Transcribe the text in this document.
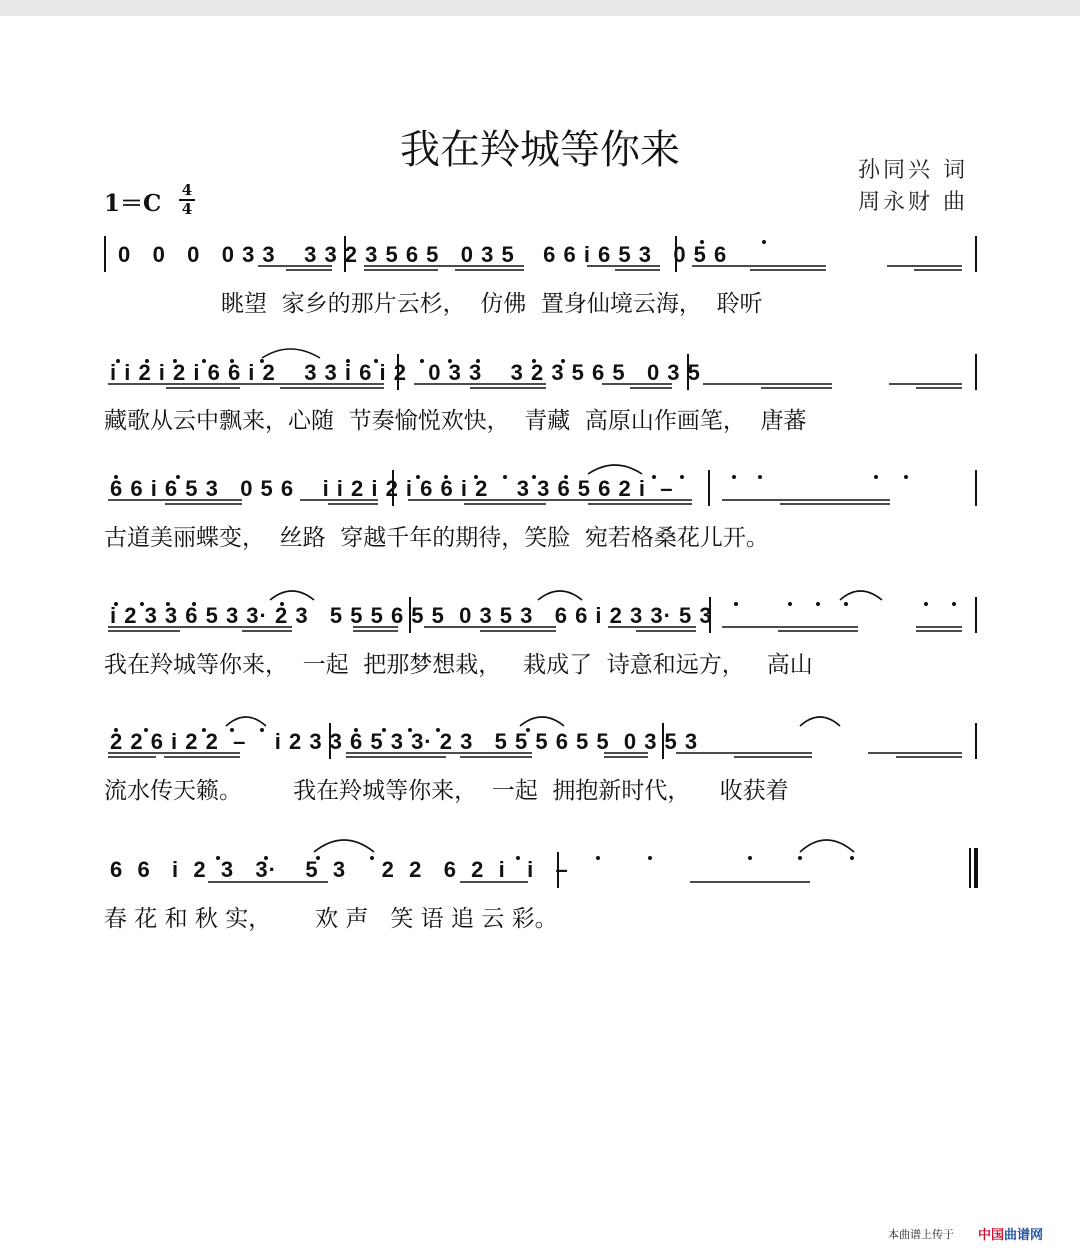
我在羚城等你来	孙同兴 词
周永财 曲
1＝C	4
4
0   0   0   0 3 3    3 3 2 3 5 6 5   0 3 5    6 6 i 6 5 3   0 5 6
眺望  家乡的那片云杉，  仿佛  置身仙境云海，  聆听
i i 2 i 2 i 6 6 i 2    3 3 i 6 i 2   0 3 3    3 2 3 5 6 5   0 3 5
藏歌从云中飘来，心随  节奏愉悦欢快，  青藏  高原山作画笔，  唐蕃
6 6 i 6 5 3   0 5 6    i i 2 i 2 i 6 6 i 2    3 3 6 5 6 2 i  –
古道美丽蝶变，  丝路  穿越千年的期待，笑脸  宛若格桑花儿开。
i 2 3 3 6 5 3 3· 2 3   5 5 5 6 5 5  0 3 5 3   6 6 i 2 3 3· 5 3
我在羚城等你来，  一起  把那梦想栽，   栽成了  诗意和远方，   高山
2 2 6 i 2 2  –    i 2 3 3 6 5 3 3· 2 3   5 5 5 6 5 5  0 3 5 3
流水传天籁。       我在羚城等你来，  一起  拥抱新时代，    收获着
6  6   i  2  3   3·    5  3     2  2   6  2  i   i   –
春 花 和 秋 实，      欢 声   笑 语 追 云 彩。
本曲谱上传于 中国曲谱网
